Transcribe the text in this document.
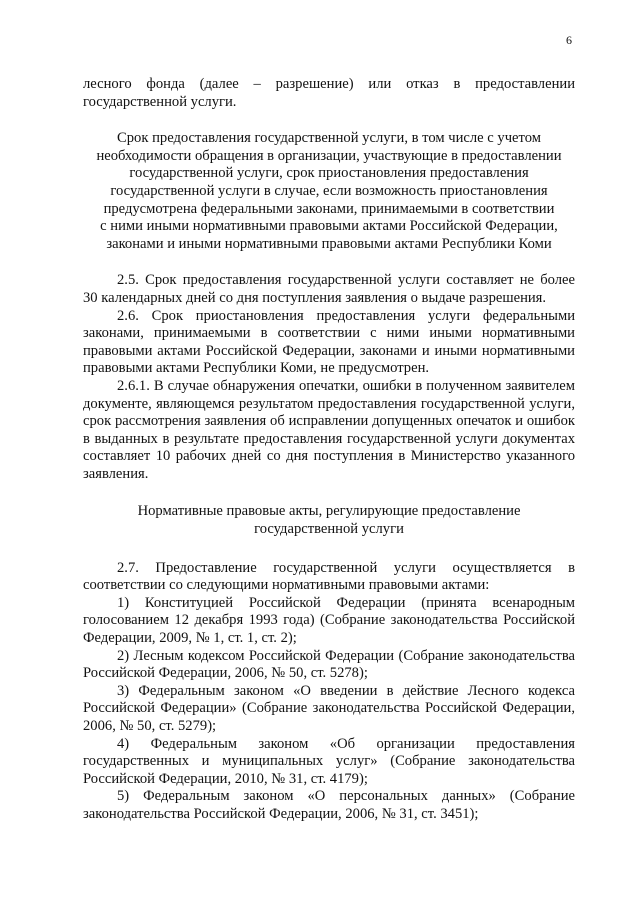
6

лесного фонда (далее – разрешение) или отказ в предоставлении государственной услуги.

Срок предоставления государственной услуги, в том числе с учетом
необходимости обращения в организации, участвующие в предоставлении
государственной услуги, срок приостановления предоставления
государственной услуги в случае, если возможность приостановления
предусмотрена федеральными законами, принимаемыми в соответствии
с ними иными нормативными правовыми актами Российской Федерации,
законами и иными нормативными правовыми актами Республики Коми

2.5. Срок предоставления государственной услуги составляет не более 30 календарных дней со дня поступления заявления о выдаче разрешения.

2.6. Срок приостановления предоставления услуги федеральными законами, принимаемыми в соответствии с ними иными нормативными правовыми актами Российской Федерации, законами и иными нормативными правовыми актами Республики Коми, не предусмотрен.

2.6.1. В случае обнаружения опечатки, ошибки в полученном заявителем документе, являющемся результатом предоставления государственной услуги, срок рассмотрения заявления об исправлении допущенных опечаток и ошибок в выданных в результате предоставления государственной услуги документах составляет 10 рабочих дней со дня поступления в Министерство указанного заявления.

Нормативные правовые акты, регулирующие предоставление
государственной услуги

2.7. Предоставление государственной услуги осуществляется в соответствии со следующими нормативными правовыми актами:

1) Конституцией Российской Федерации (принята всенародным голосованием 12 декабря 1993 года) (Собрание законодательства Российской Федерации, 2009, № 1, ст. 1, ст. 2);

2) Лесным кодексом Российской Федерации (Собрание законодательства Российской Федерации, 2006, № 50, ст. 5278);

3) Федеральным законом «О введении в действие Лесного кодекса Российской Федерации» (Собрание законодательства Российской Федерации, 2006, № 50, ст. 5279);

4) Федеральным законом «Об организации предоставления государственных и муниципальных услуг» (Собрание законодательства Российской Федерации, 2010, № 31, ст. 4179);

5) Федеральным законом «О персональных данных» (Собрание законодательства Российской Федерации, 2006, № 31, ст. 3451);
